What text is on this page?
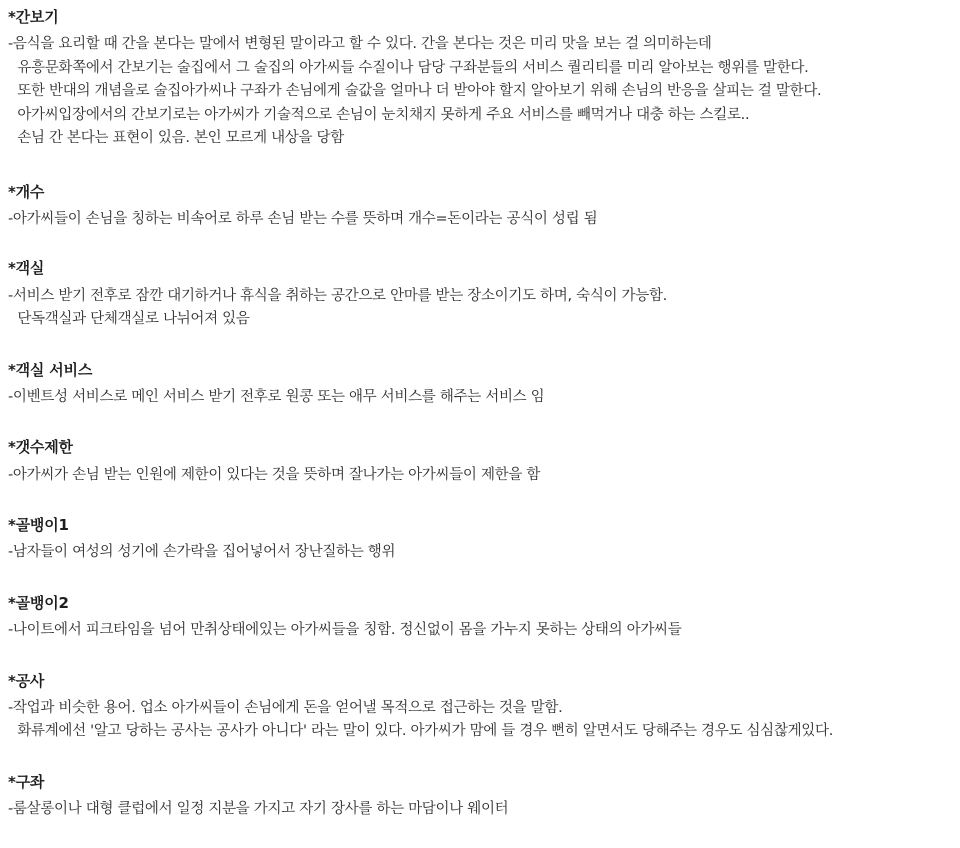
*간보기

-음식을 요리할 때 간을 본다는 말에서 변형된 말이라고 할 수 있다. 간을 본다는 것은 미리 맛을 보는 걸 의미하는데

유흥문화쪽에서 간보기는 술집에서 그 술집의 아가씨들 수질이나 담당 구좌분들의 서비스 퀄리티를 미리 알아보는 행위를 말한다.

또한 반대의 개념을로 술집아가씨나 구좌가 손님에게 술값을 얼마나 더 받아야 할지 알아보기 위해 손님의 반응을 살피는 걸 말한다.

아가씨입장에서의 간보기로는 아가씨가 기술적으로 손님이 눈치채지 못하게 주요 서비스를 빼먹거나 대충 하는 스킬로..

손님 간 본다는 표현이 있음. 본인 모르게 내상을 당함

*개수

-아가씨들이 손님을 칭하는 비속어로 하루 손님 받는 수를 뜻하며 개수=돈이라는 공식이 성립 됨

*객실

-서비스 받기 전후로 잠깐 대기하거나 휴식을 취하는 공간으로 안마를 받는 장소이기도 하며, 숙식이 가능함.

단독객실과 단체객실로 나뉘어져 있음

*객실 서비스

-이벤트성 서비스로 메인 서비스 받기 전후로 원콩 또는 애무 서비스를 해주는 서비스 임

*갯수제한

-아가씨가 손님 받는 인원에 제한이 있다는 것을 뜻하며 잘나가는 아가씨들이 제한을 함

*골뱅이1

-남자들이 여성의 성기에 손가락을 집어넣어서 장난질하는 행위

*골뱅이2

-나이트에서 피크타임을 넘어 만취상태에있는 아가씨들을 칭함. 정신없이 몸을 가누지 못하는 상태의 아가씨들

*공사

-작업과 비슷한 용어. 업소 아가씨들이 손님에게 돈을 얻어낼 목적으로 접근하는 것을 말함.

화류계에선 '알고 당하는 공사는 공사가 아니다' 라는 말이 있다. 아가씨가 맘에 들 경우 뻔히 알면서도 당해주는 경우도 심심찮게있다.

*구좌

-룸살롱이나 대형 클럽에서 일정 지분을 가지고 자기 장사를 하는 마담이나 웨이터
